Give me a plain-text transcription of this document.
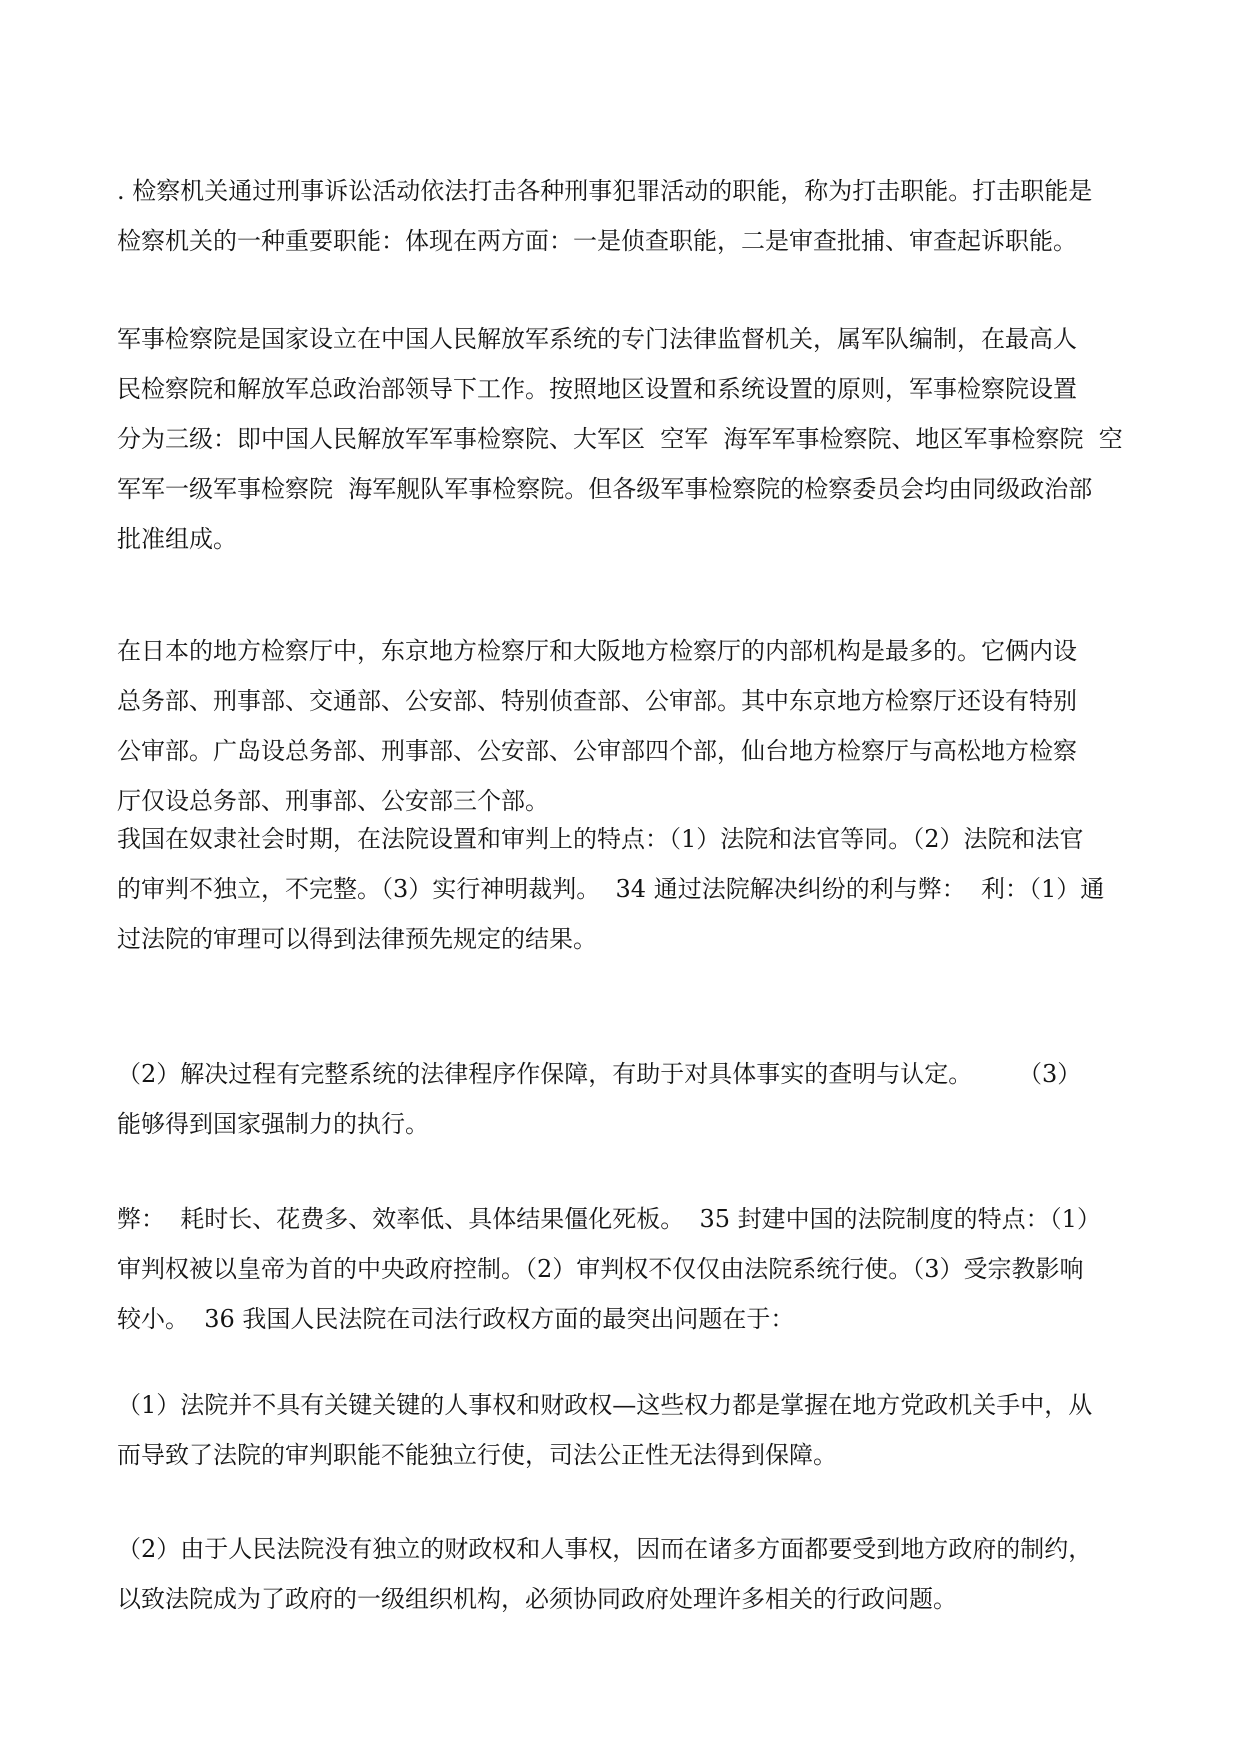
. 检察机关通过刑事诉讼活动依法打击各种刑事犯罪活动的职能，称为打击职能。打击职能是
检察机关的一种重要职能：体现在两方面：一是侦查职能，二是审查批捕、审查起诉职能。

军事检察院是国家设立在中国人民解放军系统的专门法律监督机关，属军队编制，在最高人
民检察院和解放军总政治部领导下工作。按照地区设置和系统设置的原则，军事检察院设置
分为三级：即中国人民解放军军事检察院、大军区  空军  海军军事检察院、地区军事检察院  空
军军一级军事检察院  海军舰队军事检察院。但各级军事检察院的检察委员会均由同级政治部
批准组成。

在日本的地方检察厅中，东京地方检察厅和大阪地方检察厅的内部机构是最多的。它俩内设
总务部、刑事部、交通部、公安部、特别侦查部、公审部。其中东京地方检察厅还设有特别
公审部。广岛设总务部、刑事部、公安部、公审部四个部，仙台地方检察厅与高松地方检察
厅仅设总务部、刑事部、公安部三个部。

我国在奴隶社会时期，在法院设置和审判上的特点：（1）法院和法官等同。（2）法院和法官
的审判不独立，不完整。（3）实行神明裁判。  34 通过法院解决纠纷的利与弊：  利：（1）通
过法院的审理可以得到法律预先规定的结果。

（2）解决过程有完整系统的法律程序作保障，有助于对具体事实的查明与认定。      （3）
能够得到国家强制力的执行。

弊：  耗时长、花费多、效率低、具体结果僵化死板。  35 封建中国的法院制度的特点：（1）
审判权被以皇帝为首的中央政府控制。（2）审判权不仅仅由法院系统行使。（3）受宗教影响
较小。  36 我国人民法院在司法行政权方面的最突出问题在于：

（1）法院并不具有关键关键的人事权和财政权—这些权力都是掌握在地方党政机关手中，从
而导致了法院的审判职能不能独立行使，司法公正性无法得到保障。

（2）由于人民法院没有独立的财政权和人事权，因而在诸多方面都要受到地方政府的制约，
以致法院成为了政府的一级组织机构，必须协同政府处理许多相关的行政问题。
